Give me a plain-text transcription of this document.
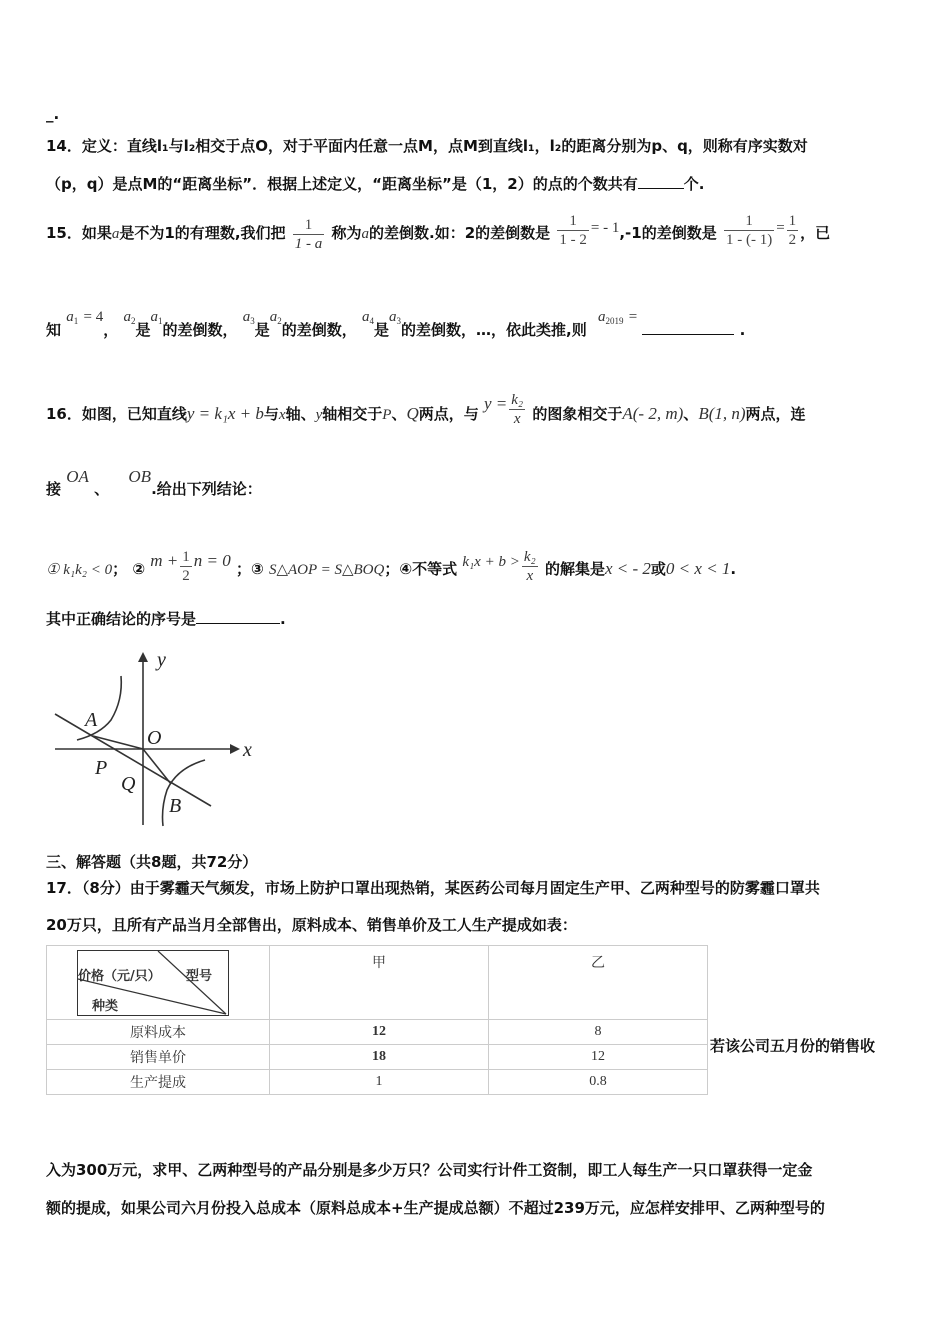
_.
14．定义：直线l₁与l₂相交于点O，对于平面内任意一点M，点M到直线l₁，l₂的距离分别为p、q，则称有序实数对
（p，q）是点M的“距离坐标”．根据上述定义，“距离坐标”是（1，2）的点的个数共有	个.
15．如果a是不为1的有理数,我们把 $\frac{1}{1 - a}$ 称为a的差倒数.如：2的差倒数是 $\frac{1}{1 - 2}$ = - 1,-1的差倒数是 $\frac{1}{1 - (- 1)} = \frac{1}{2}$ ，已
知 $a_1 = 4$， $a_2$是$a_1$的差倒数， $a_3$是$a_2$的差倒数， $a_4$是$a_3$的差倒数，…，依此类推,则 $a_{2019}$ =  .
16．如图，已知直线y = k₁x + b与x轴、y轴相交于P、Q两点，与 $y = \frac{\text{k₂}}{x}$ 的图象相交于A(- 2, m)、B(1, n)两点，连
接 OA 、 OB.给出下列结论：
① k₁k₂ < 0； ② $m + \frac{1}{2}$ n = 0 ；③ S△AOP = S△BOQ；④不等式 $k_1x + b > \frac{\text{k₂}}{x}$ 的解集是x < - 2或0 < x < 1.
其中正确结论的序号是	.
y
x
A
O
P
Q
B
三、解答题（共8题，共72分）
17．（8分）由于雾霾天气频发，市场上防护口罩出现热销，某医药公司每月固定生产甲、乙两种型号的防雾霾口罩共
20万只，且所有产品当月全部售出，原料成本、销售单价及工人生产提成如表：
价格（元/只） 型号
种类	甲	乙
原料成本	12	8
销售单价	18	12
生产提成	1	0.8
若该公司五月份的销售收
入为300万元，求甲、乙两种型号的产品分别是多少万只？公司实行计件工资制，即工人每生产一只口罩获得一定金
额的提成，如果公司六月份投入总成本（原料总成本+生产提成总额）不超过239万元，应怎样安排甲、乙两种型号的
